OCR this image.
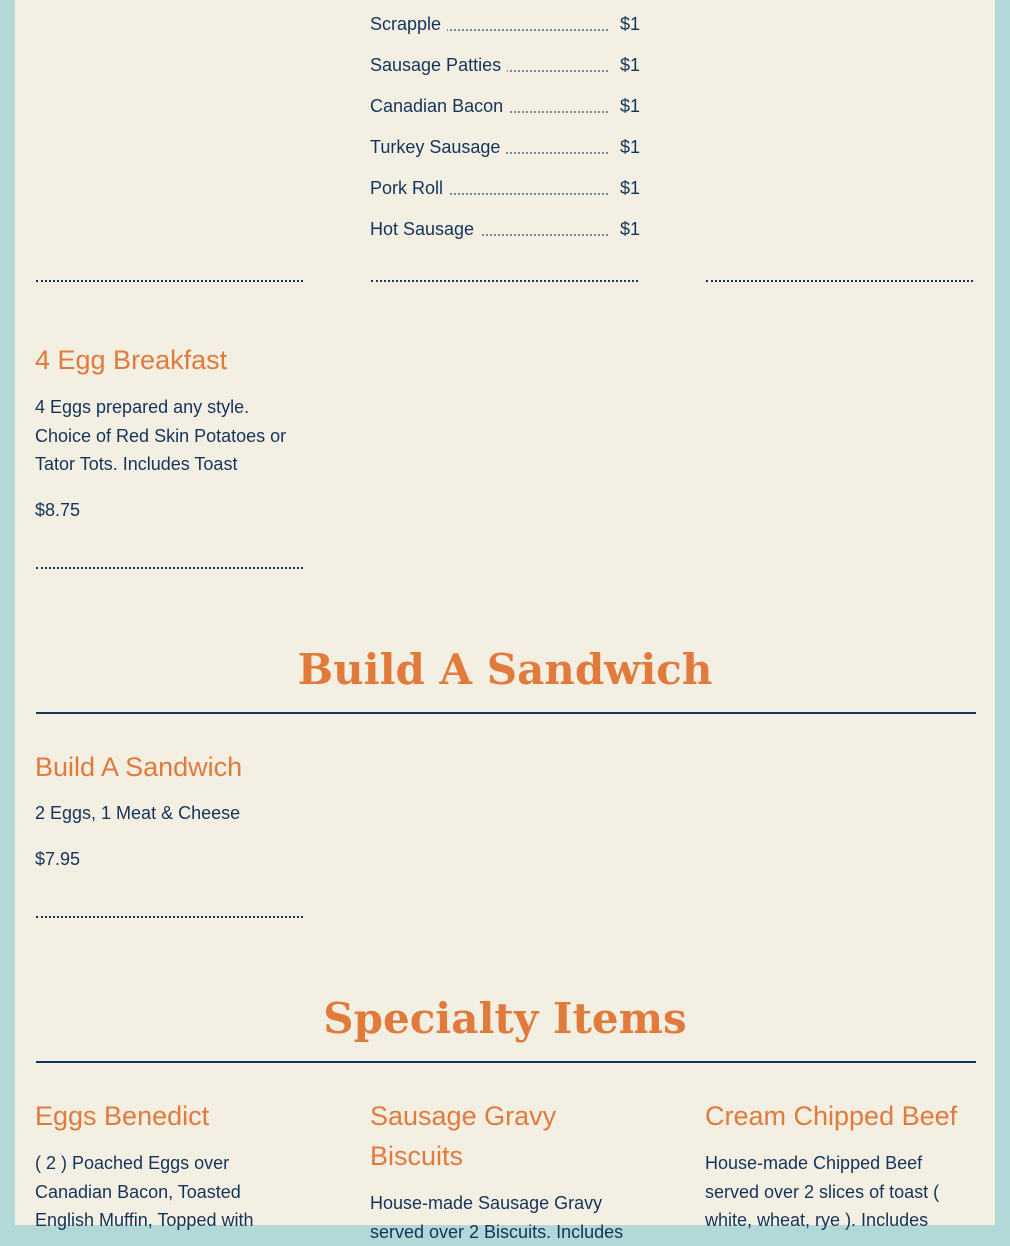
Scrapple	$1
Sausage Patties	$1
Canadian Bacon	$1
Turkey Sausage	$1
Pork Roll	$1
Hot Sausage	$1
4 Egg Breakfast
4 Eggs prepared any style.
Choice of Red Skin Potatoes or
Tator Tots. Includes Toast
$8.75
Build A Sandwich
Build A Sandwich
2 Eggs, 1 Meat & Cheese
$7.95
Specialty Items
Eggs Benedict
( 2 ) Poached Eggs over
Canadian Bacon, Toasted
English Muffin, Topped with
Sausage Gravy
Biscuits
House-made Sausage Gravy
served over 2 Biscuits. Includes
Cream Chipped Beef
House-made Chipped Beef
served over 2 slices of toast (
white, wheat, rye ). Includes
